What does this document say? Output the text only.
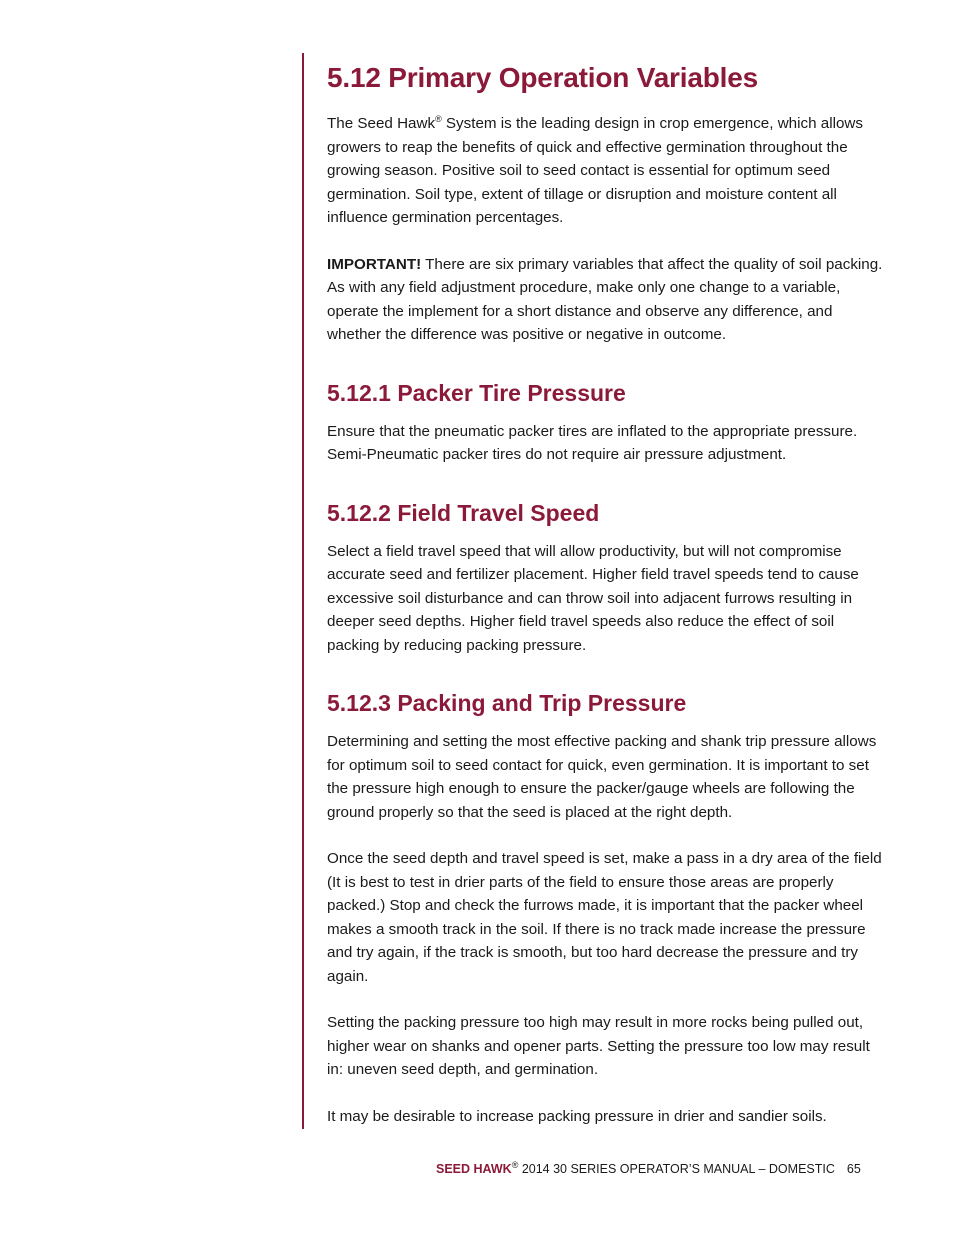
5.12 Primary Operation Variables

The Seed Hawk® System is the leading design in crop emergence, which allows growers to reap the benefits of quick and effective germination throughout the growing season. Positive soil to seed contact is essential for optimum seed germination. Soil type, extent of tillage or disruption and moisture content all influence germination percentages.

IMPORTANT! There are six primary variables that affect the quality of soil packing. As with any field adjustment procedure, make only one change to a variable, operate the implement for a short distance and observe any difference, and whether the difference was positive or negative in outcome.

5.12.1 Packer Tire Pressure

Ensure that the pneumatic packer tires are inflated to the appropriate pressure. Semi-Pneumatic packer tires do not require air pressure adjustment.

5.12.2 Field Travel Speed

Select a field travel speed that will allow productivity, but will not compromise accurate seed and fertilizer placement. Higher field travel speeds tend to cause excessive soil disturbance and can throw soil into adjacent furrows resulting in deeper seed depths. Higher field travel speeds also reduce the effect of soil packing by reducing packing pressure.

5.12.3 Packing and Trip Pressure

Determining and setting the most effective packing and shank trip pressure allows for optimum soil to seed contact for quick, even germination. It is important to set the pressure high enough to ensure the packer/gauge wheels are following the ground properly so that the seed is placed at the right depth.

Once the seed depth and travel speed is set, make a pass in a dry area of the field (It is best to test in drier parts of the field to ensure those areas are properly packed.) Stop and check the furrows made, it is important that the packer wheel makes a smooth track in the soil. If there is no track made increase the pressure and try again, if the track is smooth, but too hard decrease the pressure and try again.

Setting the packing pressure too high may result in more rocks being pulled out, higher wear on shanks and opener parts. Setting the pressure too low may result in: uneven seed depth, and germination.

It may be desirable to increase packing pressure in drier and sandier soils.

SEED HAWK® 2014 30 SERIES OPERATOR’S MANUAL – DOMESTIC 65
